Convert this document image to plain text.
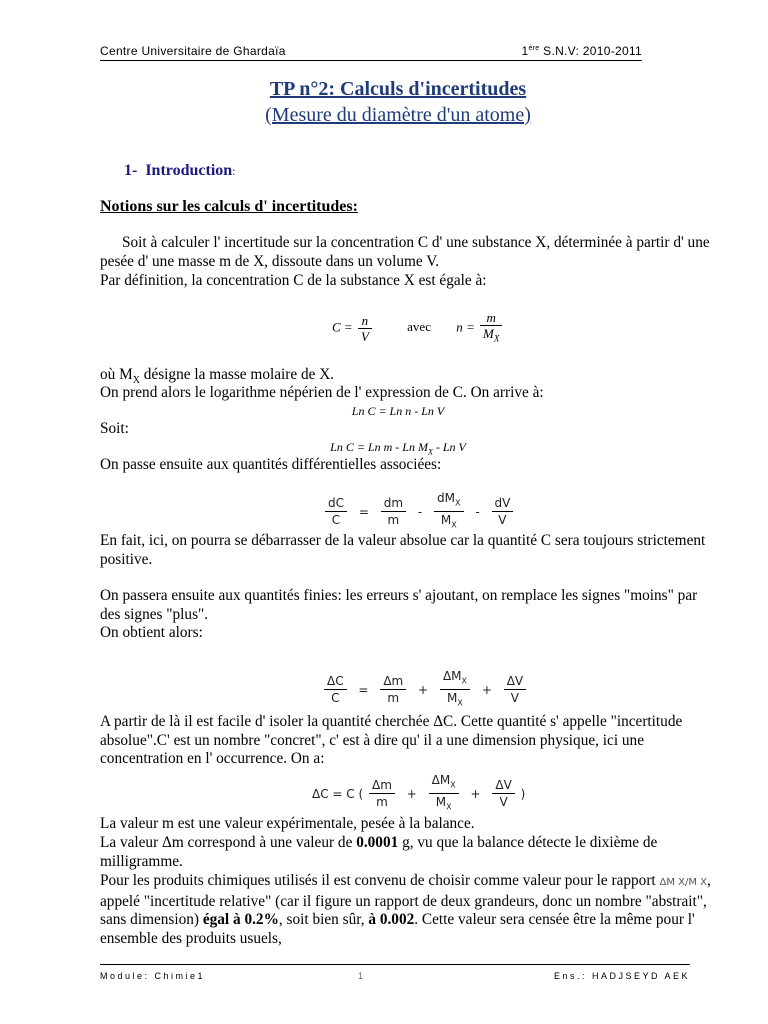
Centre Universitaire de Ghardaïa	1ère S.N.V: 2010-2011
TP n°2: Calculs d'incertitudes
(Mesure du diamètre d'un atome)
1- Introduction:
Notions sur les calculs d' incertitudes:
Soit à calculer l' incertitude sur la concentration C d' une substance X, déterminée à partir d' une pesée d' une masse m de X, dissoute dans un volume V.
Par définition, la concentration C de la substance X est égale à:
$C = \frac{n}{V}$	avec $n = \frac{m}{M_X}$
où $M_X$ désigne la masse molaire de X.
On prend alors le logarithme népérien de l' expression de C. On arrive à:
Ln C = Ln n - Ln V
Soit:
Ln C = Ln m - Ln $M_X$ - Ln V
On passe ensuite aux quantités différentielles associées:
$\frac{dC}{C} = \frac{dm}{m} - \frac{dM_X}{M_X} - \frac{dV}{V}$
En fait, ici, on pourra se débarrasser de la valeur absolue car la quantité C sera toujours strictement positive.
On passera ensuite aux quantités finies: les erreurs s' ajoutant, on remplace les signes "moins" par des signes "plus".
On obtient alors:
$\frac{\Delta C}{C} = \frac{\Delta m}{m} + \frac{\Delta M_X}{M_X} + \frac{\Delta V}{V}$
A partir de là il est facile d' isoler la quantité cherchée ΔC. Cette quantité s' appelle "incertitude absolue".C' est un nombre "concret", c' est à dire qu' il a une dimension physique, ici une concentration en l' occurrence. On a:
ΔC = C ( $\frac{\Delta m}{m} + \frac{\Delta M_X}{M_X} + \frac{\Delta V}{V}$ )
La valeur m est une valeur expérimentale, pesée à la balance.
La valeur Δm correspond à une valeur de 0.0001 g, vu que la balance détecte le dixième de milligramme.
Pour les produits chimiques utilisés il est convenu de choisir comme valeur pour le rapport ΔM X/M X, appelé "incertitude relative" (car il figure un rapport de deux grandeurs, donc un nombre "abstrait", sans dimension) égal à 0.2%, soit bien sûr, à 0.002. Cette valeur sera censée être la même pour l' ensemble des produits usuels,
Module: Chimie1	1	Ens.: HADJSEYD AEK
